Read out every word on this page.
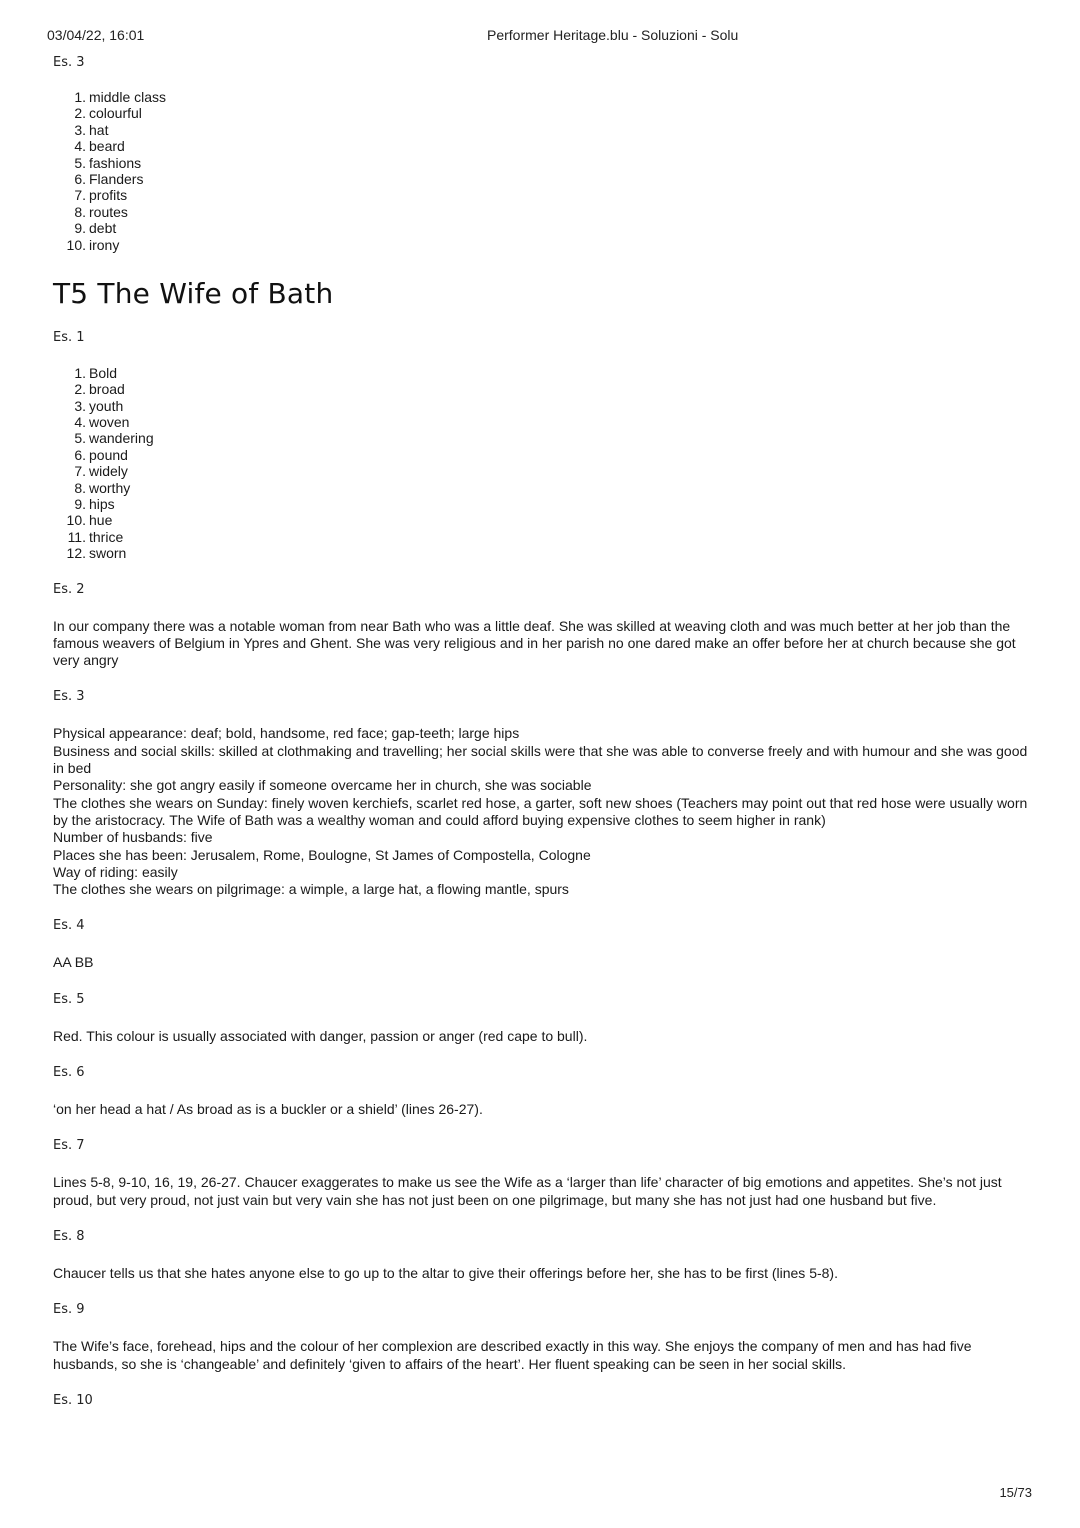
03/04/22, 16:01	Performer Heritage.blu - Soluzioni - Solu
Es. 3
1. middle class
2. colourful
3. hat
4. beard
5. fashions
6. Flanders
7. profits
8. routes
9. debt
10. irony
T5 The Wife of Bath
Es. 1
1. Bold
2. broad
3. youth
4. woven
5. wandering
6. pound
7. widely
8. worthy
9. hips
10. hue
11. thrice
12. sworn
Es. 2

In our company there was a notable woman from near Bath who was a little deaf. She was skilled at weaving cloth and was much better at her job than the famous weavers of Belgium in Ypres and Ghent. She was very religious and in her parish no one dared make an offer before her at church because she got very angry

Es. 3

Physical appearance: deaf; bold, handsome, red face; gap-teeth; large hips

Business and social skills: skilled at clothmaking and travelling; her social skills were that she was able to converse freely and with humour and she was good in bed

Personality: she got angry easily if someone overcame her in church, she was sociable

The clothes she wears on Sunday: finely woven kerchiefs, scarlet red hose, a garter, soft new shoes (Teachers may point out that red hose were usually worn by the aristocracy. The Wife of Bath was a wealthy woman and could afford buying expensive clothes to seem higher in rank)

Number of husbands: five

Places she has been: Jerusalem, Rome, Boulogne, St James of Compostella, Cologne

Way of riding: easily

The clothes she wears on pilgrimage: a wimple, a large hat, a flowing mantle, spurs

Es. 4

AA BB

Es. 5

Red. This colour is usually associated with danger, passion or anger (red cape to bull).

Es. 6

‘on her head a hat / As broad as is a buckler or a shield’ (lines 26-27).

Es. 7

Lines 5-8, 9-10, 16, 19, 26-27. Chaucer exaggerates to make us see the Wife as a ‘larger than life’ character of big emotions and appetites. She’s not just proud, but very proud, not just vain but very vain she has not just been on one pilgrimage, but many she has not just had one husband but five.

Es. 8

Chaucer tells us that she hates anyone else to go up to the altar to give their offerings before her, she has to be first (lines 5-8).

Es. 9

The Wife’s face, forehead, hips and the colour of her complexion are described exactly in this way. She enjoys the company of men and has had five husbands, so she is ‘changeable’ and definitely ‘given to affairs of the heart’. Her fluent speaking can be seen in her social skills.

Es. 10
15/73
